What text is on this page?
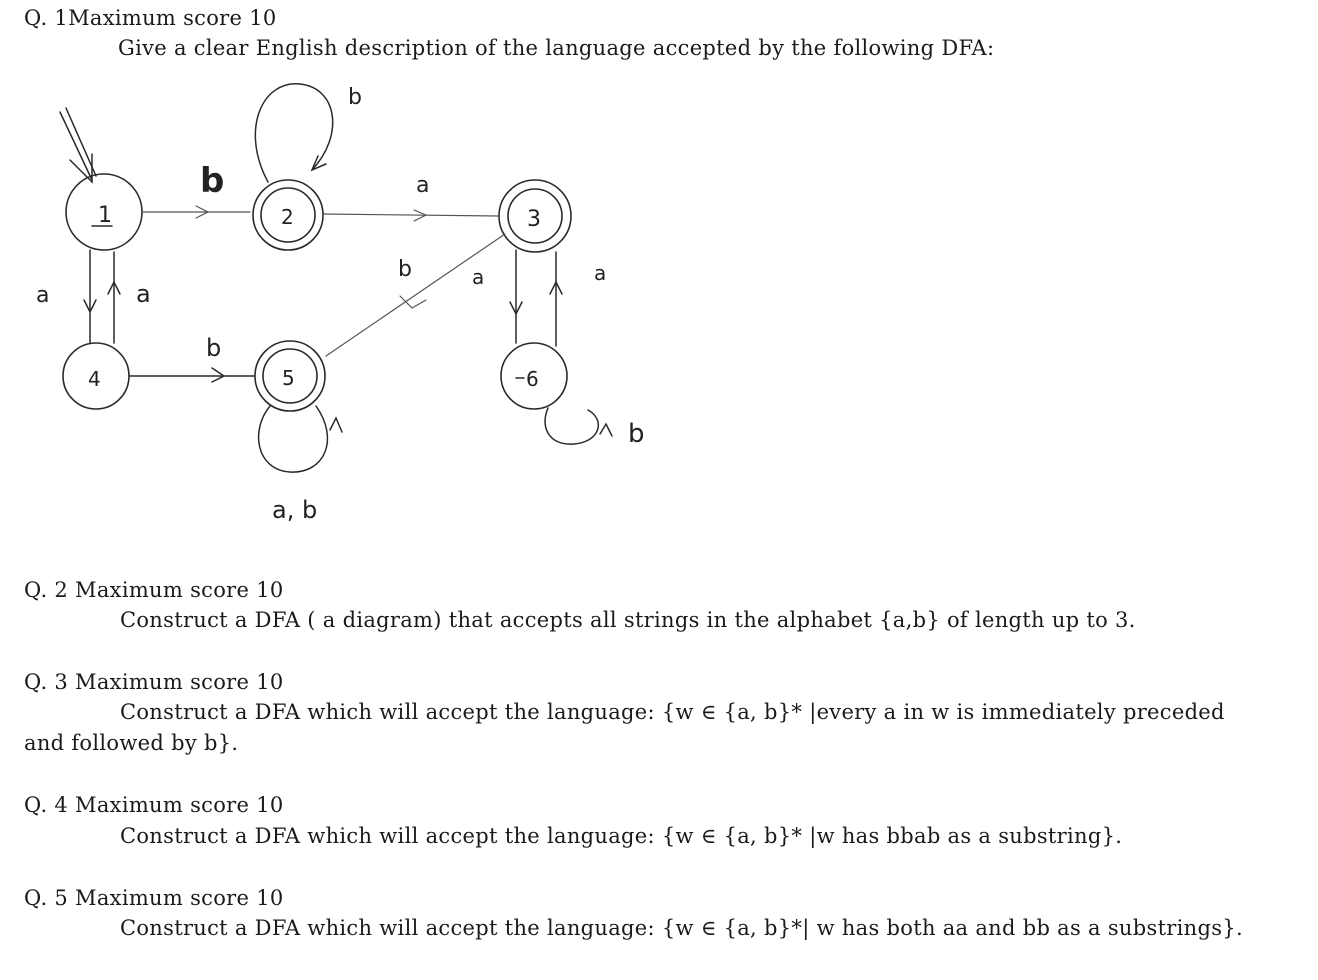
Q. 1Maximum score 10
Give a clear English description of the language accepted by the following DFA:
1	2
b
b
3
a
4
a	a
5
b
a, b
b
6
a	a
b
Q. 2 Maximum score 10
Construct a DFA ( a diagram) that accepts all strings in the alphabet {a,b} of length up to 3.
Q. 3 Maximum score 10
Construct a DFA which will accept the language: {w ∈ {a, b}* |every a in w is immediately preceded
and followed by b}.
Q. 4 Maximum score 10
Construct a DFA which will accept the language: {w ∈ {a, b}* |w has bbab as a substring}.
Q. 5 Maximum score 10
Construct a DFA which will accept the language: {w ∈ {a, b}*| w has both aa and bb as a substrings}.
